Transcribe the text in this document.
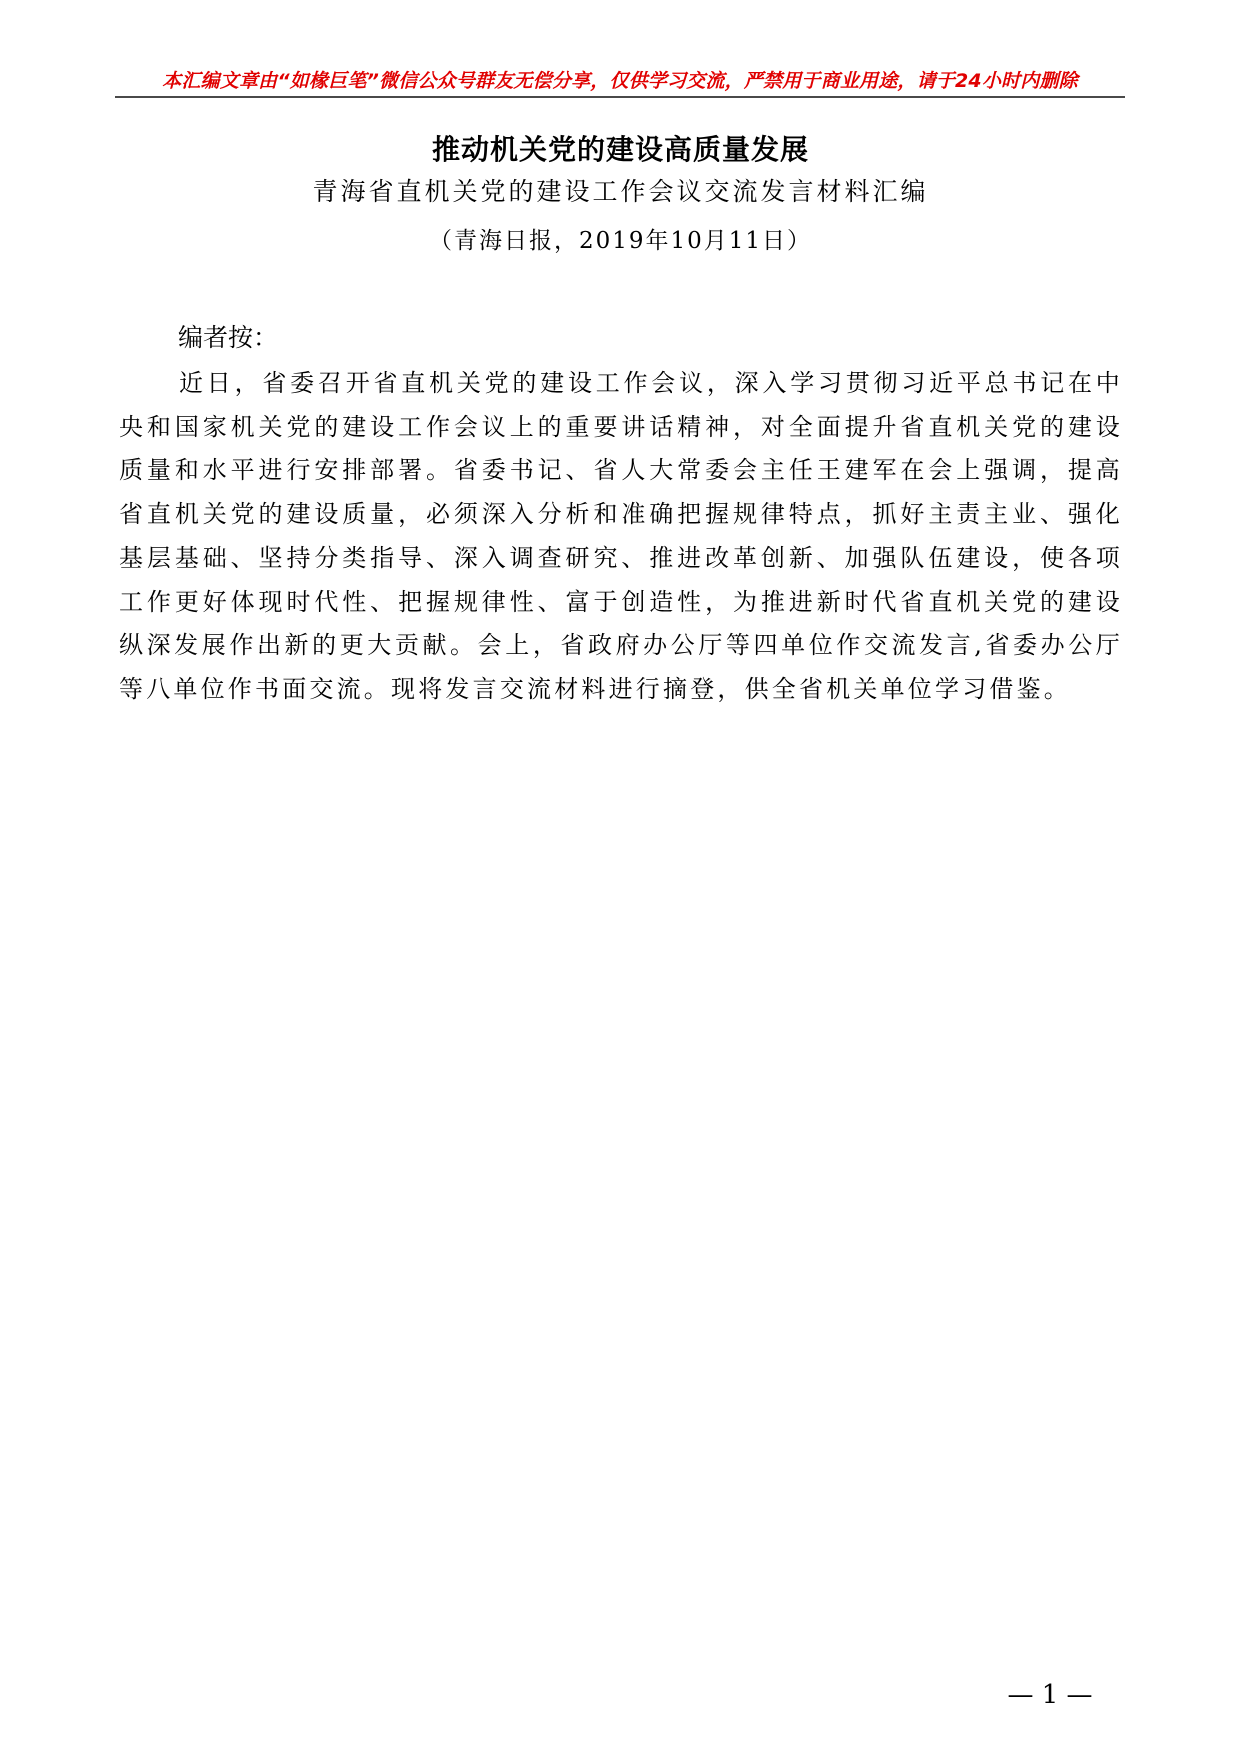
本汇编文章由“如椽巨笔”微信公众号群友无偿分享，仅供学习交流，严禁用于商业用途，请于24小时内删除
推动机关党的建设高质量发展
青海省直机关党的建设工作会议交流发言材料汇编
（青海日报，2019年10月11日）
编者按：

近日，省委召开省直机关党的建设工作会议，深入学习贯彻习近平总书记在中央和国家机关党的建设工作会议上的重要讲话精神，对全面提升省直机关党的建设质量和水平进行安排部署。省委书记、省人大常委会主任王建军在会上强调，提高省直机关党的建设质量，必须深入分析和准确把握规律特点，抓好主责主业、强化基层基础、坚持分类指导、深入调查研究、推进改革创新、加强队伍建设，使各项工作更好体现时代性、把握规律性、富于创造性，为推进新时代省直机关党的建设纵深发展作出新的更大贡献。会上，省政府办公厅等四单位作交流发言,省委办公厅等八单位作书面交流。现将发言交流材料进行摘登，供全省机关单位学习借鉴。

— 1 —
